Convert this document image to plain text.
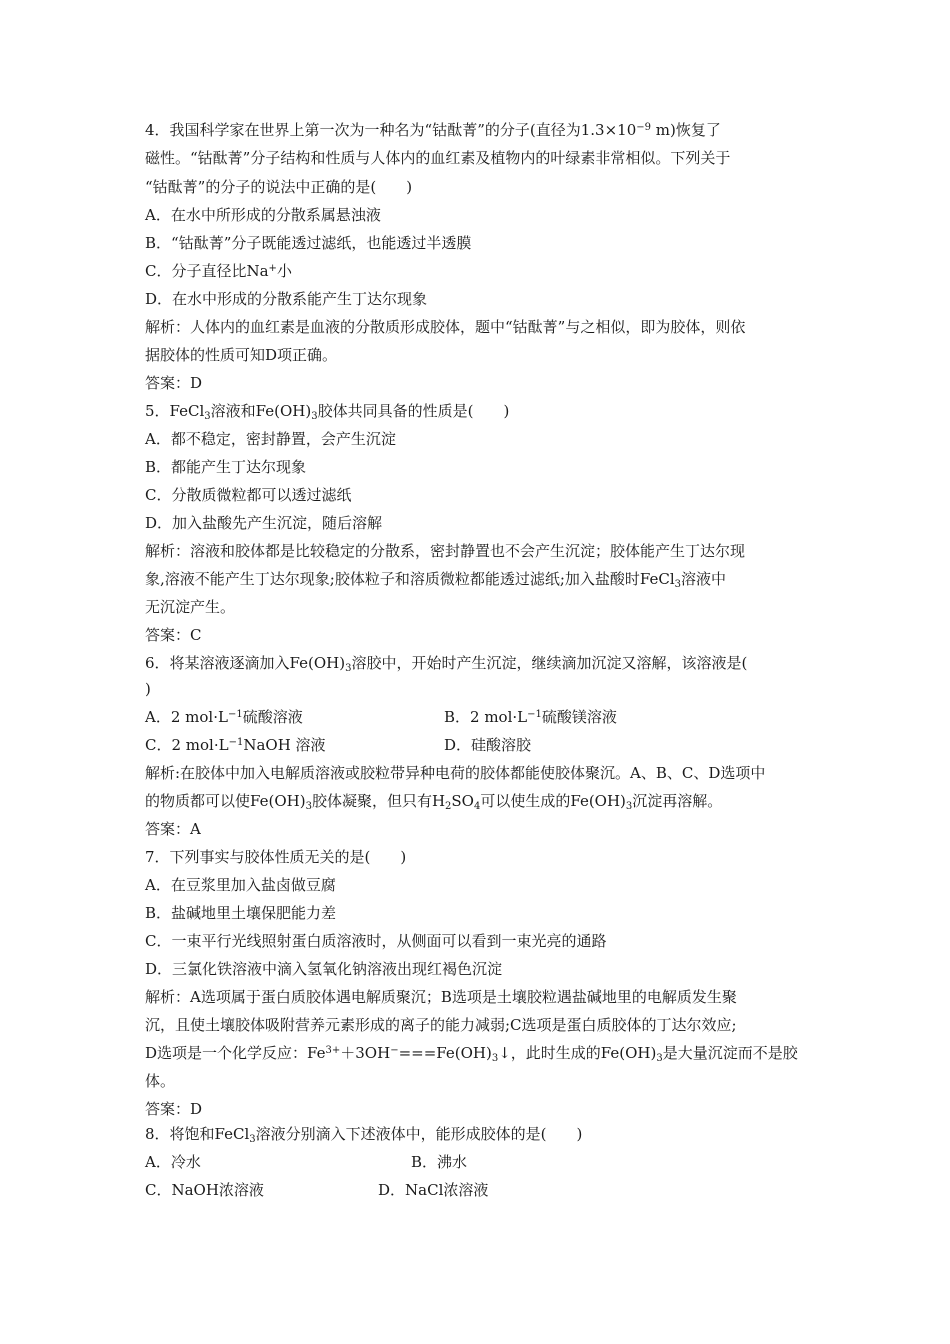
4．我国科学家在世界上第一次为一种名为“钴酞菁”的分子(直径为$1.3\times 10^{-9}$ m)恢复了
磁性。“钴酞菁”分子结构和性质与人体内的血红素及植物内的叶绿素非常相似。下列关于
“钴酞菁”的分子的说法中正确的是(　　)
A．在水中所形成的分散系属悬浊液
B．“钴酞菁”分子既能透过滤纸，也能透过半透膜
C．分子直径比Na+小
D．在水中形成的分散系能产生丁达尔现象
解析：人体内的血红素是血液的分散质形成胶体，题中“钴酞菁”与之相似，即为胶体，则依
据胶体的性质可知D项正确。
答案：D
5．FeCl$_3$溶液和$Fe(OH)_3$胶体共同具备的性质是(　　)
A．都不稳定，密封静置，会产生沉淀
B．都能产生丁达尔现象
C．分散质微粒都可以透过滤纸
D．加入盐酸先产生沉淀，随后溶解
解析：溶液和胶体都是比较稳定的分散系，密封静置也不会产生沉淀；胶体能产生丁达尔现
象,溶液不能产生丁达尔现象;胶体粒子和溶质微粒都能透过滤纸;加入盐酸时FeCl$_3$溶液中
无沉淀产生。
答案：C
6．将某溶液逐滴加入$Fe(OH)_3$溶胶中，开始时产生沉淀，继续滴加沉淀又溶解，该溶液是(
)
A．2 $mol\cdot L^{-1}$硫酸溶液	B．2 $mol\cdot L^{-1}$硫酸镁溶液
C．2 $mol\cdot L^{-1}NaOH$ 溶液	D．硅酸溶胶
解析:在胶体中加入电解质溶液或胶粒带异种电荷的胶体都能使胶体聚沉。A、B、C、D选项中
的物质都可以使$Fe(OH)_3$胶体凝聚，但只有$H_2SO_4$可以使生成的$Fe(OH)_3$沉淀再溶解。
答案：A
7．下列事实与胶体性质无关的是(　　)
A．在豆浆里加入盐卤做豆腐
B．盐碱地里土壤保肥能力差
C．一束平行光线照射蛋白质溶液时，从侧面可以看到一束光亮的通路
D．三氯化铁溶液中滴入氢氧化钠溶液出现红褐色沉淀
解析：A选项属于蛋白质胶体遇电解质聚沉；B选项是土壤胶粒遇盐碱地里的电解质发生聚
沉，且使土壤胶体吸附营养元素形成的离子的能力减弱;C选项是蛋白质胶体的丁达尔效应;
D选项是一个化学反应：$Fe^{3+}+3OH^-===Fe(OH)_3↓$，此时生成的$Fe(OH)_3$是大量沉淀而不是胶
体。
答案：D
8．将饱和FeCl$_3$溶液分别滴入下述液体中，能形成胶体的是(　　)
A．冷水	B．沸水
C．NaOH浓溶液	D．NaCl浓溶液
